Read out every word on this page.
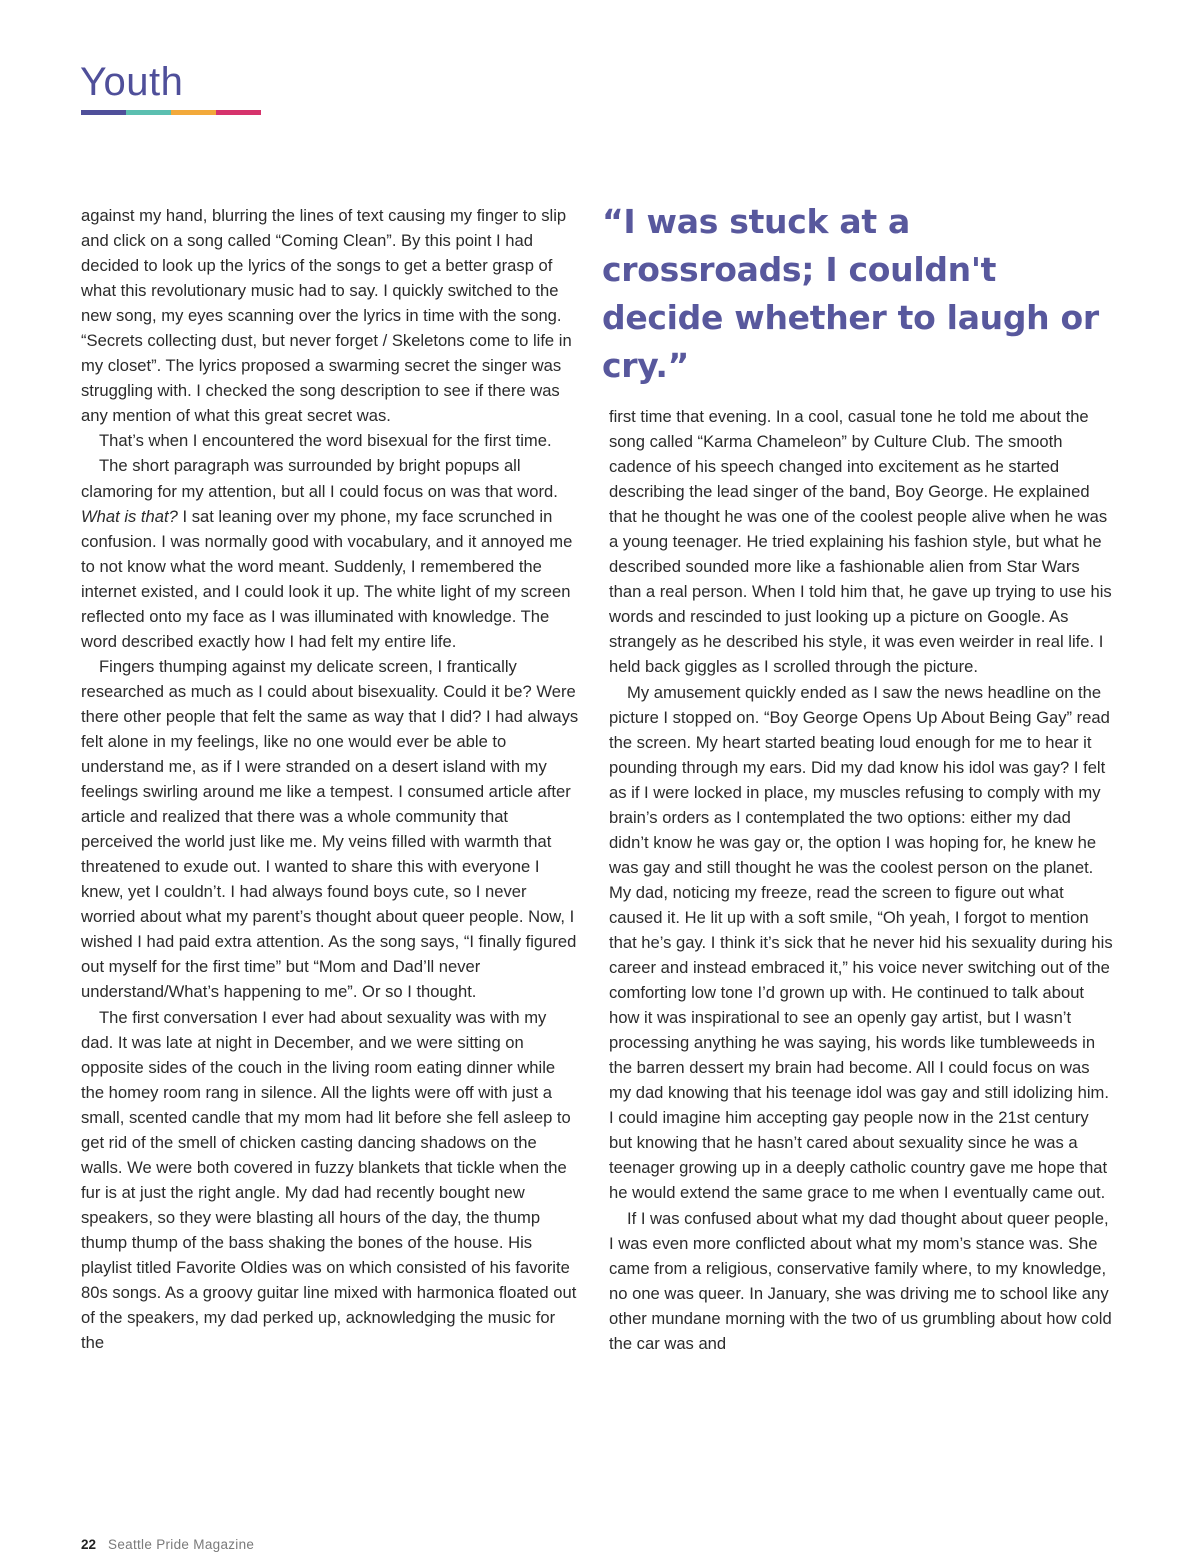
Youth

against my hand, blurring the lines of text causing my finger to slip and click on a song called “Coming Clean”. By this point I had decided to look up the lyrics of the songs to get a better grasp of what this revolutionary music had to say. I quickly switched to the new song, my eyes scanning over the lyrics in time with the song. “Secrets collecting dust, but never forget / Skeletons come to life in my closet”. The lyrics proposed a swarming secret the singer was struggling with. I checked the song description to see if there was any mention of what this great secret was.

That’s when I encountered the word bisexual for the first time.

The short paragraph was surrounded by bright popups all clamoring for my attention, but all I could focus on was that word. What is that? I sat leaning over my phone, my face scrunched in confusion. I was normally good with vocabulary, and it annoyed me to not know what the word meant. Suddenly, I remembered the internet existed, and I could look it up. The white light of my screen reflected onto my face as I was illuminated with knowledge. The word described exactly how I had felt my entire life.

Fingers thumping against my delicate screen, I frantically researched as much as I could about bisexuality. Could it be? Were there other people that felt the same as way that I did? I had always felt alone in my feelings, like no one would ever be able to understand me, as if I were stranded on a desert island with my feelings swirling around me like a tempest. I consumed article after article and realized that there was a whole community that perceived the world just like me. My veins filled with warmth that threatened to exude out. I wanted to share this with everyone I knew, yet I couldn’t. I had always found boys cute, so I never worried about what my parent’s thought about queer people. Now, I wished I had paid extra attention. As the song says, “I finally figured out myself for the first time” but “Mom and Dad’ll never understand/What’s happening to me”. Or so I thought.

The first conversation I ever had about sexuality was with my dad. It was late at night in December, and we were sitting on opposite sides of the couch in the living room eating dinner while the homey room rang in silence. All the lights were off with just a small, scented candle that my mom had lit before she fell asleep to get rid of the smell of chicken casting dancing shadows on the walls. We were both covered in fuzzy blankets that tickle when the fur is at just the right angle. My dad had recently bought new speakers, so they were blasting all hours of the day, the thump thump thump of the bass shaking the bones of the house. His playlist titled Favorite Oldies was on which consisted of his favorite 80s songs. As a groovy guitar line mixed with harmonica floated out of the speakers, my dad perked up, acknowledging the music for the

“I was stuck at a crossroads; I couldn't decide whether to laugh or cry.”

first time that evening. In a cool, casual tone he told me about the song called “Karma Chameleon” by Culture Club. The smooth cadence of his speech changed into excitement as he started describing the lead singer of the band, Boy George. He explained that he thought he was one of the coolest people alive when he was a young teenager. He tried explaining his fashion style, but what he described sounded more like a fashionable alien from Star Wars than a real person. When I told him that, he gave up trying to use his words and rescinded to just looking up a picture on Google. As strangely as he described his style, it was even weirder in real life. I held back giggles as I scrolled through the picture.

My amusement quickly ended as I saw the news headline on the picture I stopped on. “Boy George Opens Up About Being Gay” read the screen. My heart started beating loud enough for me to hear it pounding through my ears. Did my dad know his idol was gay? I felt as if I were locked in place, my muscles refusing to comply with my brain’s orders as I contemplated the two options: either my dad didn’t know he was gay or, the option I was hoping for, he knew he was gay and still thought he was the coolest person on the planet. My dad, noticing my freeze, read the screen to figure out what caused it. He lit up with a soft smile, “Oh yeah, I forgot to mention that he’s gay. I think it’s sick that he never hid his sexuality during his career and instead embraced it,” his voice never switching out of the comforting low tone I’d grown up with. He continued to talk about how it was inspirational to see an openly gay artist, but I wasn’t processing anything he was saying, his words like tumbleweeds in the barren dessert my brain had become. All I could focus on was my dad knowing that his teenage idol was gay and still idolizing him. I could imagine him accepting gay people now in the 21st century but knowing that he hasn’t cared about sexuality since he was a teenager growing up in a deeply catholic country gave me hope that he would extend the same grace to me when I eventually came out.

If I was confused about what my dad thought about queer people, I was even more conflicted about what my mom’s stance was. She came from a religious, conservative family where, to my knowledge, no one was queer. In January, she was driving me to school like any other mundane morning with the two of us grumbling about how cold the car was and

22 Seattle Pride Magazine
